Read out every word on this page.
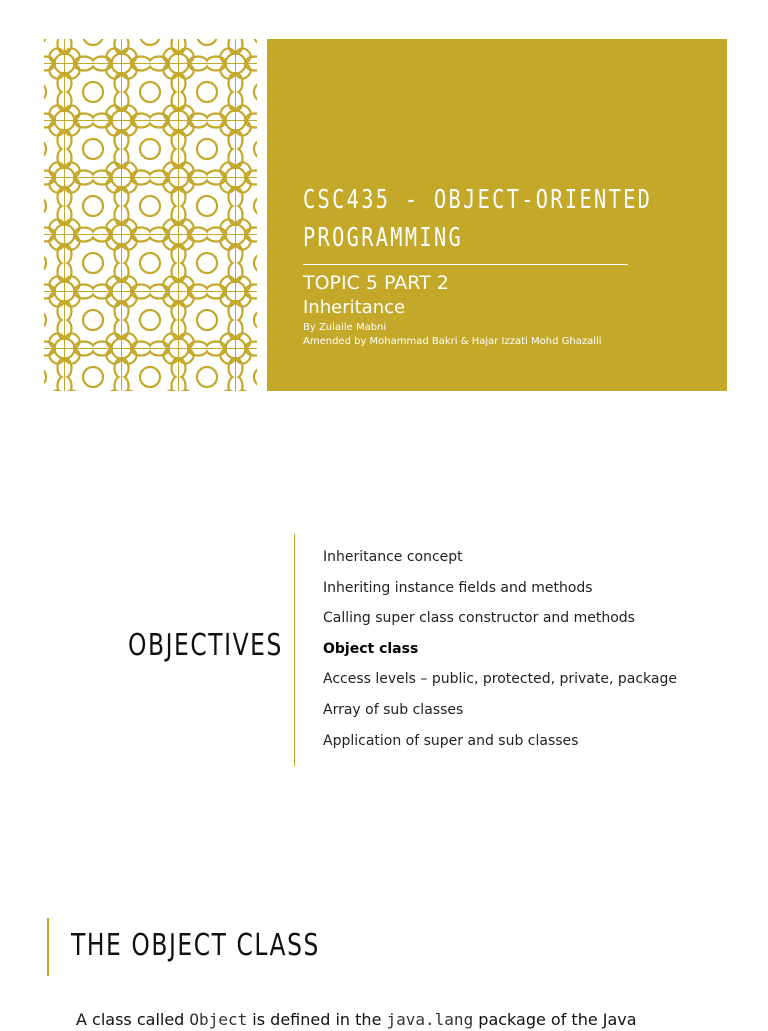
CSC435 - OBJECT-ORIENTED PROGRAMMING
TOPIC 5 PART 2
Inheritance
By Zulaile Mabni
Amended by Mohammad Bakri & Hajar Izzati Mohd Ghazalli
OBJECTIVES
Inheritance concept
Inheriting instance fields and methods
Calling super class constructor and methods
Object class
Access levels – public, protected, private, package
Array of sub classes
Application of super and sub classes
THE OBJECT CLASS
A class called Object is defined in the java.lang package of the Java
